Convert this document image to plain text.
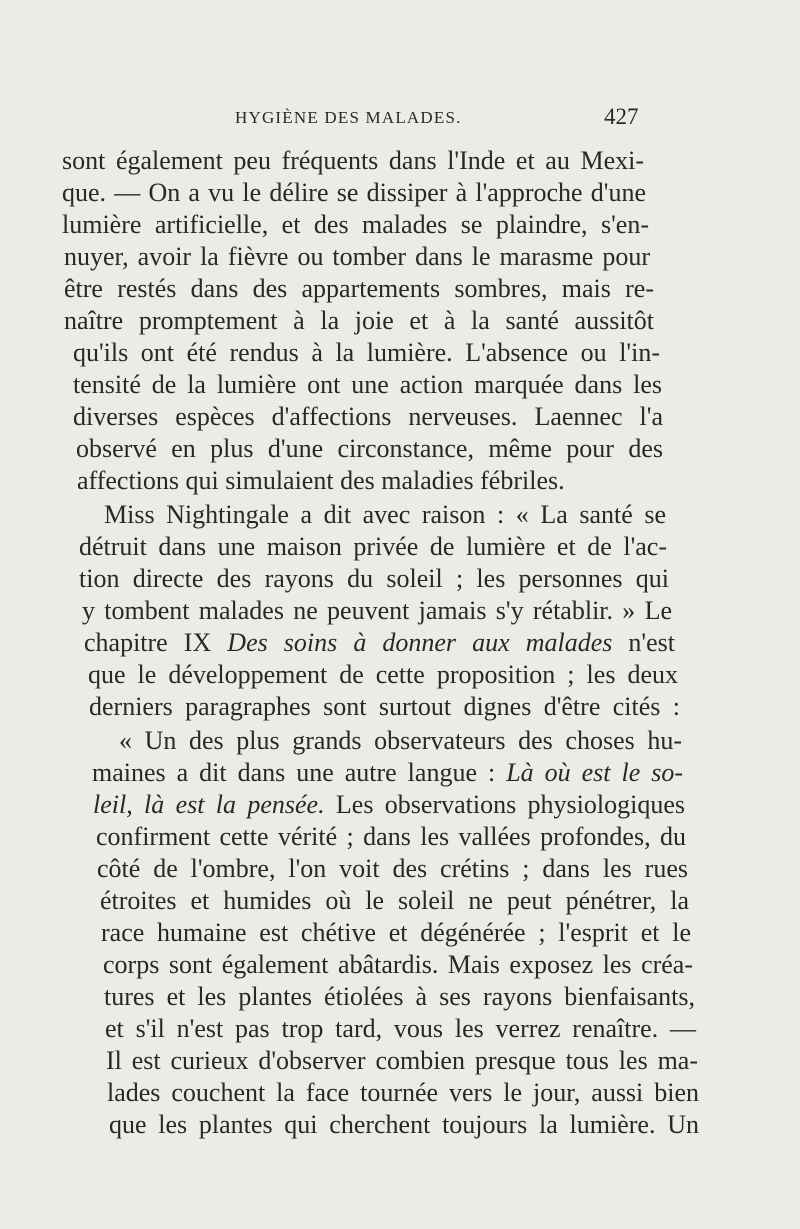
HYGIÈNE DES MALADES.	427
sont également peu fréquents dans l'Inde et au Mexi-
que. — On a vu le délire se dissiper à l'approche d'une
lumière artificielle, et des malades se plaindre, s'en-
nuyer, avoir la fièvre ou tomber dans le marasme pour
être restés dans des appartements sombres, mais re-
naître promptement à la joie et à la santé aussitôt
qu'ils ont été rendus à la lumière. L'absence ou l'in-
tensité de la lumière ont une action marquée dans les
diverses espèces d'affections nerveuses. Laennec l'a
observé en plus d'une circonstance, même pour des
affections qui simulaient des maladies fébriles.
Miss Nightingale a dit avec raison : « La santé se
détruit dans une maison privée de lumière et de l'ac-
tion directe des rayons du soleil ; les personnes qui
y tombent malades ne peuvent jamais s'y rétablir. » Le
chapitre IX Des soins à donner aux malades n'est
que le développement de cette proposition ; les deux
derniers paragraphes sont surtout dignes d'être cités :
« Un des plus grands observateurs des choses hu-
maines a dit dans une autre langue : Là où est le so-
leil, là est la pensée. Les observations physiologiques
confirment cette vérité ; dans les vallées profondes, du
côté de l'ombre, l'on voit des crétins ; dans les rues
étroites et humides où le soleil ne peut pénétrer, la
race humaine est chétive et dégénérée ; l'esprit et le
corps sont également abâtardis. Mais exposez les créa-
tures et les plantes étiolées à ses rayons bienfaisants,
et s'il n'est pas trop tard, vous les verrez renaître. —
Il est curieux d'observer combien presque tous les ma-
lades couchent la face tournée vers le jour, aussi bien
que les plantes qui cherchent toujours la lumière. Un
